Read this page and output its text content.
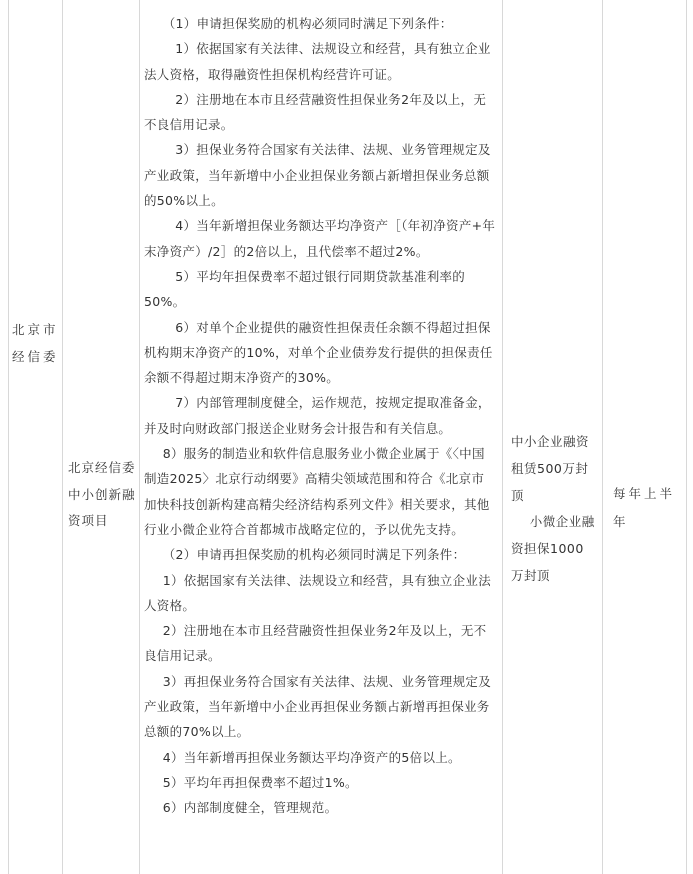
北京市经信委

北京经信委中小创新融资项目

（1）申请担保奖励的机构必须同时满足下列条件：

1）依据国家有关法律、法规设立和经营，具有独立企业法人资格，取得融资性担保机构经营许可证。

2）注册地在本市且经营融资性担保业务2年及以上，无不良信用记录。

3）担保业务符合国家有关法律、法规、业务管理规定及产业政策，当年新增中小企业担保业务额占新增担保业务总额的50%以上。

4）当年新增担保业务额达平均净资产［（年初净资产+年末净资产）/2］的2倍以上，且代偿率不超过2%。

5）平均年担保费率不超过银行同期贷款基准利率的50%。

6）对单个企业提供的融资性担保责任余额不得超过担保机构期末净资产的10%，对单个企业债券发行提供的担保责任余额不得超过期末净资产的30%。

7）内部管理制度健全，运作规范，按规定提取准备金，并及时向财政部门报送企业财务会计报告和有关信息。

8）服务的制造业和软件信息服务业小微企业属于《〈中国制造2025〉北京行动纲要》高精尖领域范围和符合《北京市加快科技创新构建高精尖经济结构系列文件》相关要求，其他行业小微企业符合首都城市战略定位的，予以优先支持。

（2）申请再担保奖励的机构必须同时满足下列条件：

1）依据国家有关法律、法规设立和经营，具有独立企业法人资格。

2）注册地在本市且经营融资性担保业务2年及以上，无不良信用记录。

3）再担保业务符合国家有关法律、法规、业务管理规定及产业政策，当年新增中小企业再担保业务额占新增再担保业务总额的70%以上。

4）当年新增再担保业务额达平均净资产的5倍以上。

5）平均年再担保费率不超过1%。

6）内部制度健全，管理规范。

中小企业融资租赁500万封顶

小微企业融资担保1000万封顶

每年上半年
